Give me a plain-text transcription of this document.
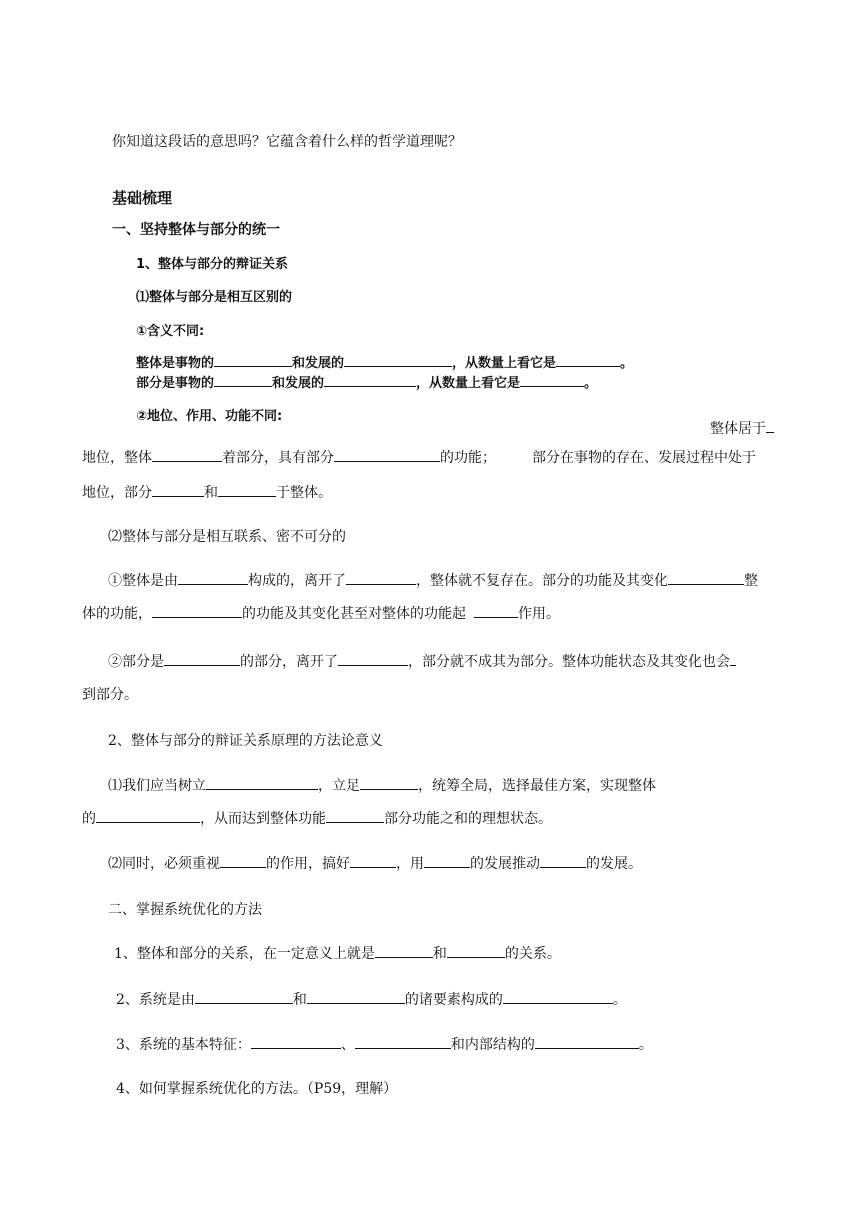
你知道这段话的意思吗？它蕴含着什么样的哲学道理呢？
基础梳理
一、坚持整体与部分的统一
1、整体与部分的辩证关系
⑴整体与部分是相互区别的
①含义不同:
整体是事物的	和发展的	，从数量上看它是	。
部分是事物的	和发展的	，从数量上看它是	。
②地位、作用、功能不同:
整体居于
地位，整体	着部分，具有部分	的功能；	部分在事物的存在、发展过程中处于
地位，部分	和	于整体。
⑵整体与部分是相互联系、密不可分的
①整体是由	构成的，离开了	，整体就不复存在。部分的功能及其变化	整
体的功能，	的功能及其变化甚至对整体的功能起	作用。
②部分是	的部分，离开了	，部分就不成其为部分。整体功能状态及其变化也会
到部分。
2、整体与部分的辩证关系原理的方法论意义
⑴我们应当树立	，立足	，统筹全局，选择最佳方案，实现整体
的	，从而达到整体功能	部分功能之和的理想状态。
⑵同时，必须重视	的作用，搞好	，用	的发展推动	的发展。
二、掌握系统优化的方法
1、整体和部分的关系，在一定意义上就是	和	的关系。
2、系统是由	和	的诸要素构成的	。
3、系统的基本特征：	、	和内部结构的	。
4、如何掌握系统优化的方法。（P59，理解）
